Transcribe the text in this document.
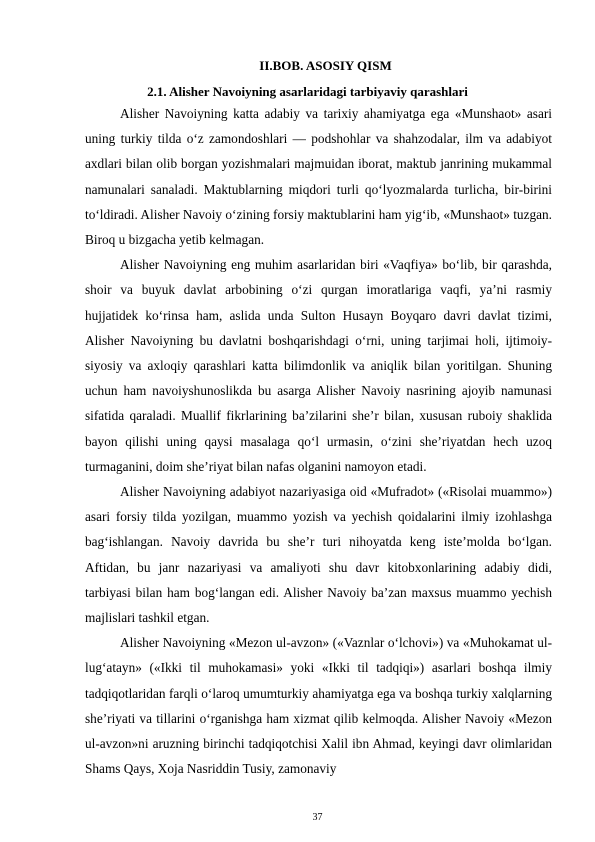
II.BOB. ASOSIY QISM
2.1. Alisher Navoiyning asarlaridagi tarbiyaviy qarashlari

Alisher Navoiyning katta adabiy va tarixiy ahamiyatga ega «Munshaot» asari uning turkiy tilda o‘z zamondoshlari — podshohlar va shahzodalar, ilm va adabiyot axdlari bilan olib borgan yozishmalari majmuidan iborat, maktub janrining mukammal namunalari sanaladi. Maktublarning miqdori turli qo‘lyozmalarda turlicha, bir-birini to‘ldiradi. Alisher Navoiy o‘zining forsiy maktublarini ham yig‘ib, «Munshaot» tuzgan. Biroq u bizgacha yetib kelmagan.

Alisher Navoiyning eng muhim asarlaridan biri «Vaqfiya» bo‘lib, bir qarashda, shoir va buyuk davlat arbobining o‘zi qurgan imoratlariga vaqfi, ya’ni rasmiy hujjatidek ko‘rinsa ham, aslida unda Sulton Husayn Boyqaro davri davlat tizimi, Alisher Navoiyning bu davlatni boshqarishdagi o‘rni, uning tarjimai holi, ijtimoiy-siyosiy va axloqiy qarashlari katta bilimdonlik va aniqlik bilan yoritilgan. Shuning uchun ham navoiyshunoslikda bu asarga Alisher Navoiy nasrining ajoyib namunasi sifatida qaraladi. Muallif fikrlarining ba’zilarini she’r bilan, xususan ruboiy shaklida bayon qilishi uning qaysi masalaga qo‘l urmasin, o‘zini she’riyatdan hech uzoq turmaganini, doim she’riyat bilan nafas olganini namoyon etadi.

Alisher Navoiyning adabiyot nazariyasiga oid «Mufradot» («Risolai muammo») asari forsiy tilda yozilgan, muammo yozish va yechish qoidalarini ilmiy izohlashga bag‘ishlangan. Navoiy davrida bu she’r turi nihoyatda keng iste’molda bo‘lgan. Aftidan, bu janr nazariyasi va amaliyoti shu davr kitobxonlarining adabiy didi, tarbiyasi bilan ham bog‘langan edi. Alisher Navoiy ba’zan maxsus muammo yechish majlislari tashkil etgan.

Alisher Navoiyning «Mezon ul-avzon» («Vaznlar o‘lchovi») va «Muhokamat ul-lug‘atayn» («Ikki til muhokamasi» yoki «Ikki til tadqiqi») asarlari boshqa ilmiy tadqiqotlaridan farqli o‘laroq umumturkiy ahamiyatga ega va boshqa turkiy xalqlarning she’riyati va tillarini o‘rganishga ham xizmat qilib kelmoqda. Alisher Navoiy «Mezon ul-avzon»ni aruzning birinchi tadqiqotchisi Xalil ibn Ahmad, keyingi davr olimlaridan Shams Qays, Xoja Nasriddin Tusiy, zamonaviy

37
